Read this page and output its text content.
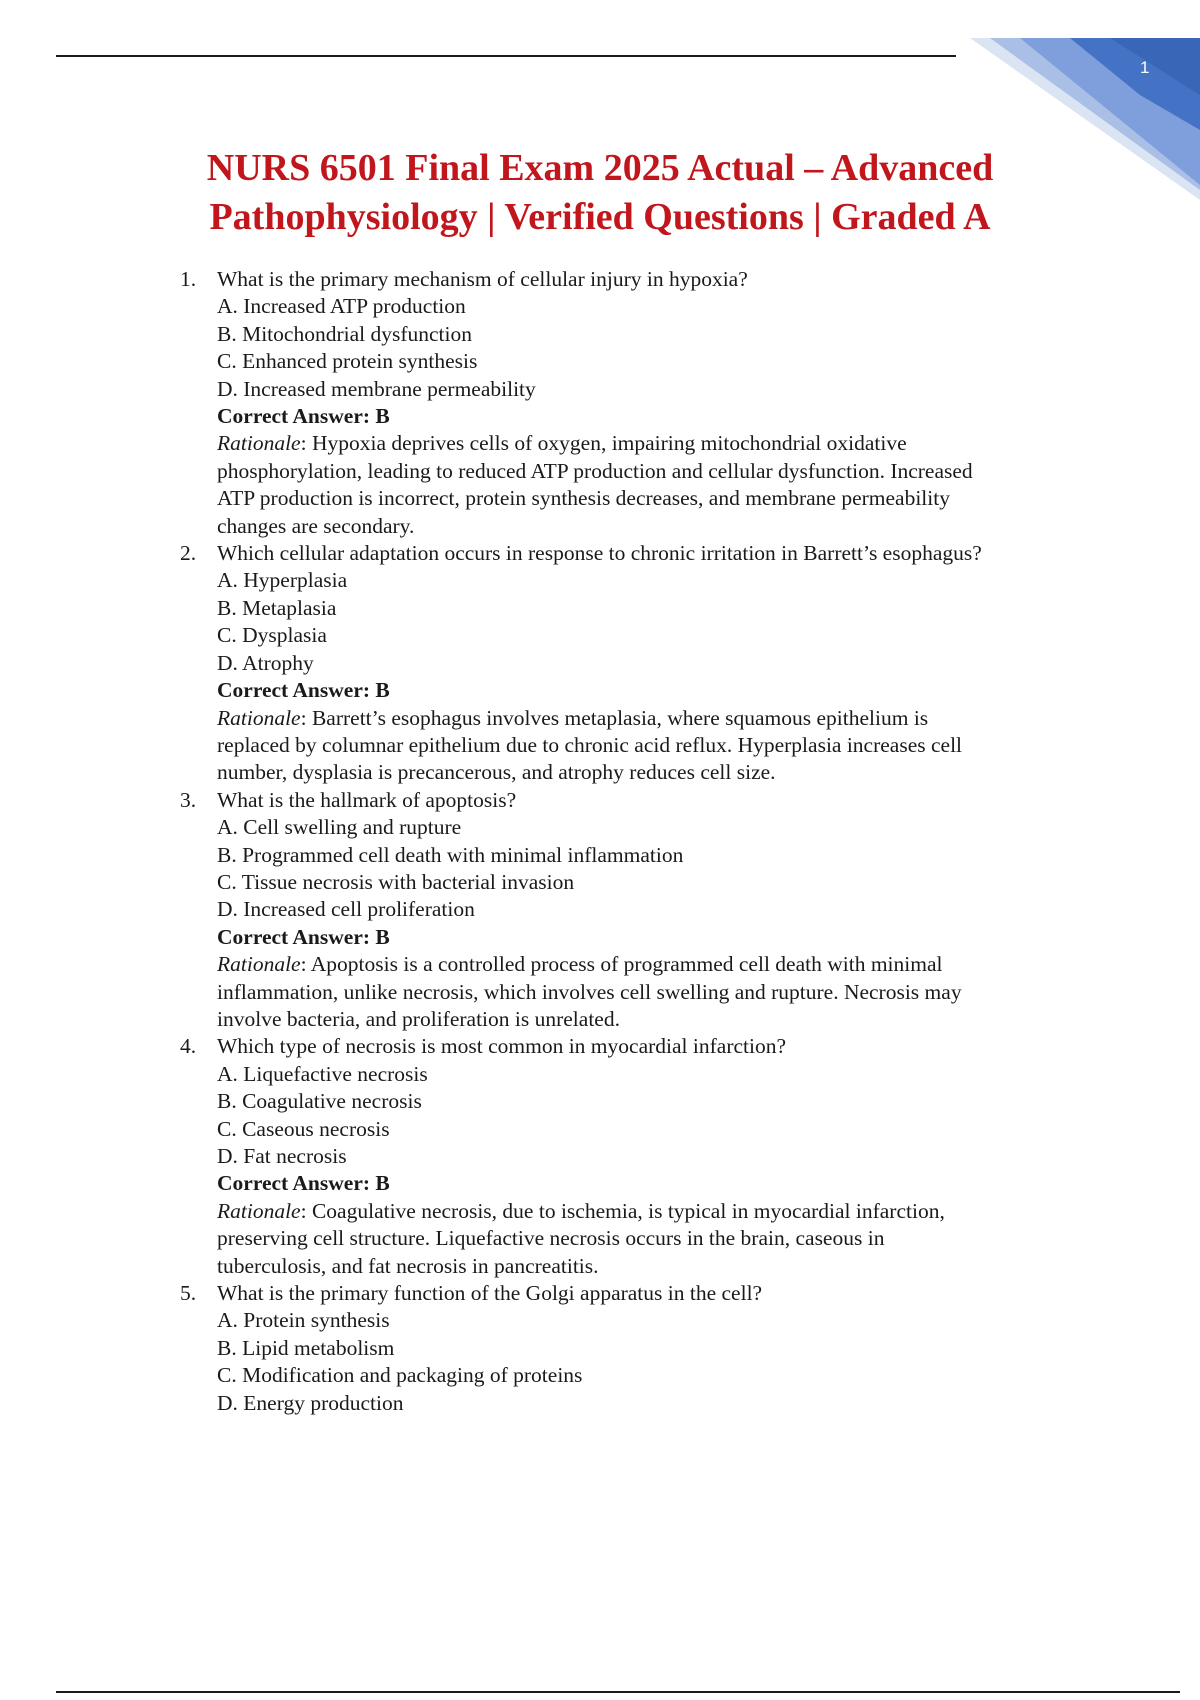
1
NURS 6501 Final Exam 2025 Actual – Advanced
Pathophysiology | Verified Questions | Graded A
1. What is the primary mechanism of cellular injury in hypoxia?
A. Increased ATP production
B. Mitochondrial dysfunction
C. Enhanced protein synthesis
D. Increased membrane permeability
Correct Answer: B
Rationale: Hypoxia deprives cells of oxygen, impairing mitochondrial oxidative
phosphorylation, leading to reduced ATP production and cellular dysfunction. Increased
ATP production is incorrect, protein synthesis decreases, and membrane permeability
changes are secondary.
2. Which cellular adaptation occurs in response to chronic irritation in Barrett’s esophagus?
A. Hyperplasia
B. Metaplasia
C. Dysplasia
D. Atrophy
Correct Answer: B
Rationale: Barrett’s esophagus involves metaplasia, where squamous epithelium is
replaced by columnar epithelium due to chronic acid reflux. Hyperplasia increases cell
number, dysplasia is precancerous, and atrophy reduces cell size.
3. What is the hallmark of apoptosis?
A. Cell swelling and rupture
B. Programmed cell death with minimal inflammation
C. Tissue necrosis with bacterial invasion
D. Increased cell proliferation
Correct Answer: B
Rationale: Apoptosis is a controlled process of programmed cell death with minimal
inflammation, unlike necrosis, which involves cell swelling and rupture. Necrosis may
involve bacteria, and proliferation is unrelated.
4. Which type of necrosis is most common in myocardial infarction?
A. Liquefactive necrosis
B. Coagulative necrosis
C. Caseous necrosis
D. Fat necrosis
Correct Answer: B
Rationale: Coagulative necrosis, due to ischemia, is typical in myocardial infarction,
preserving cell structure. Liquefactive necrosis occurs in the brain, caseous in
tuberculosis, and fat necrosis in pancreatitis.
5. What is the primary function of the Golgi apparatus in the cell?
A. Protein synthesis
B. Lipid metabolism
C. Modification and packaging of proteins
D. Energy production
